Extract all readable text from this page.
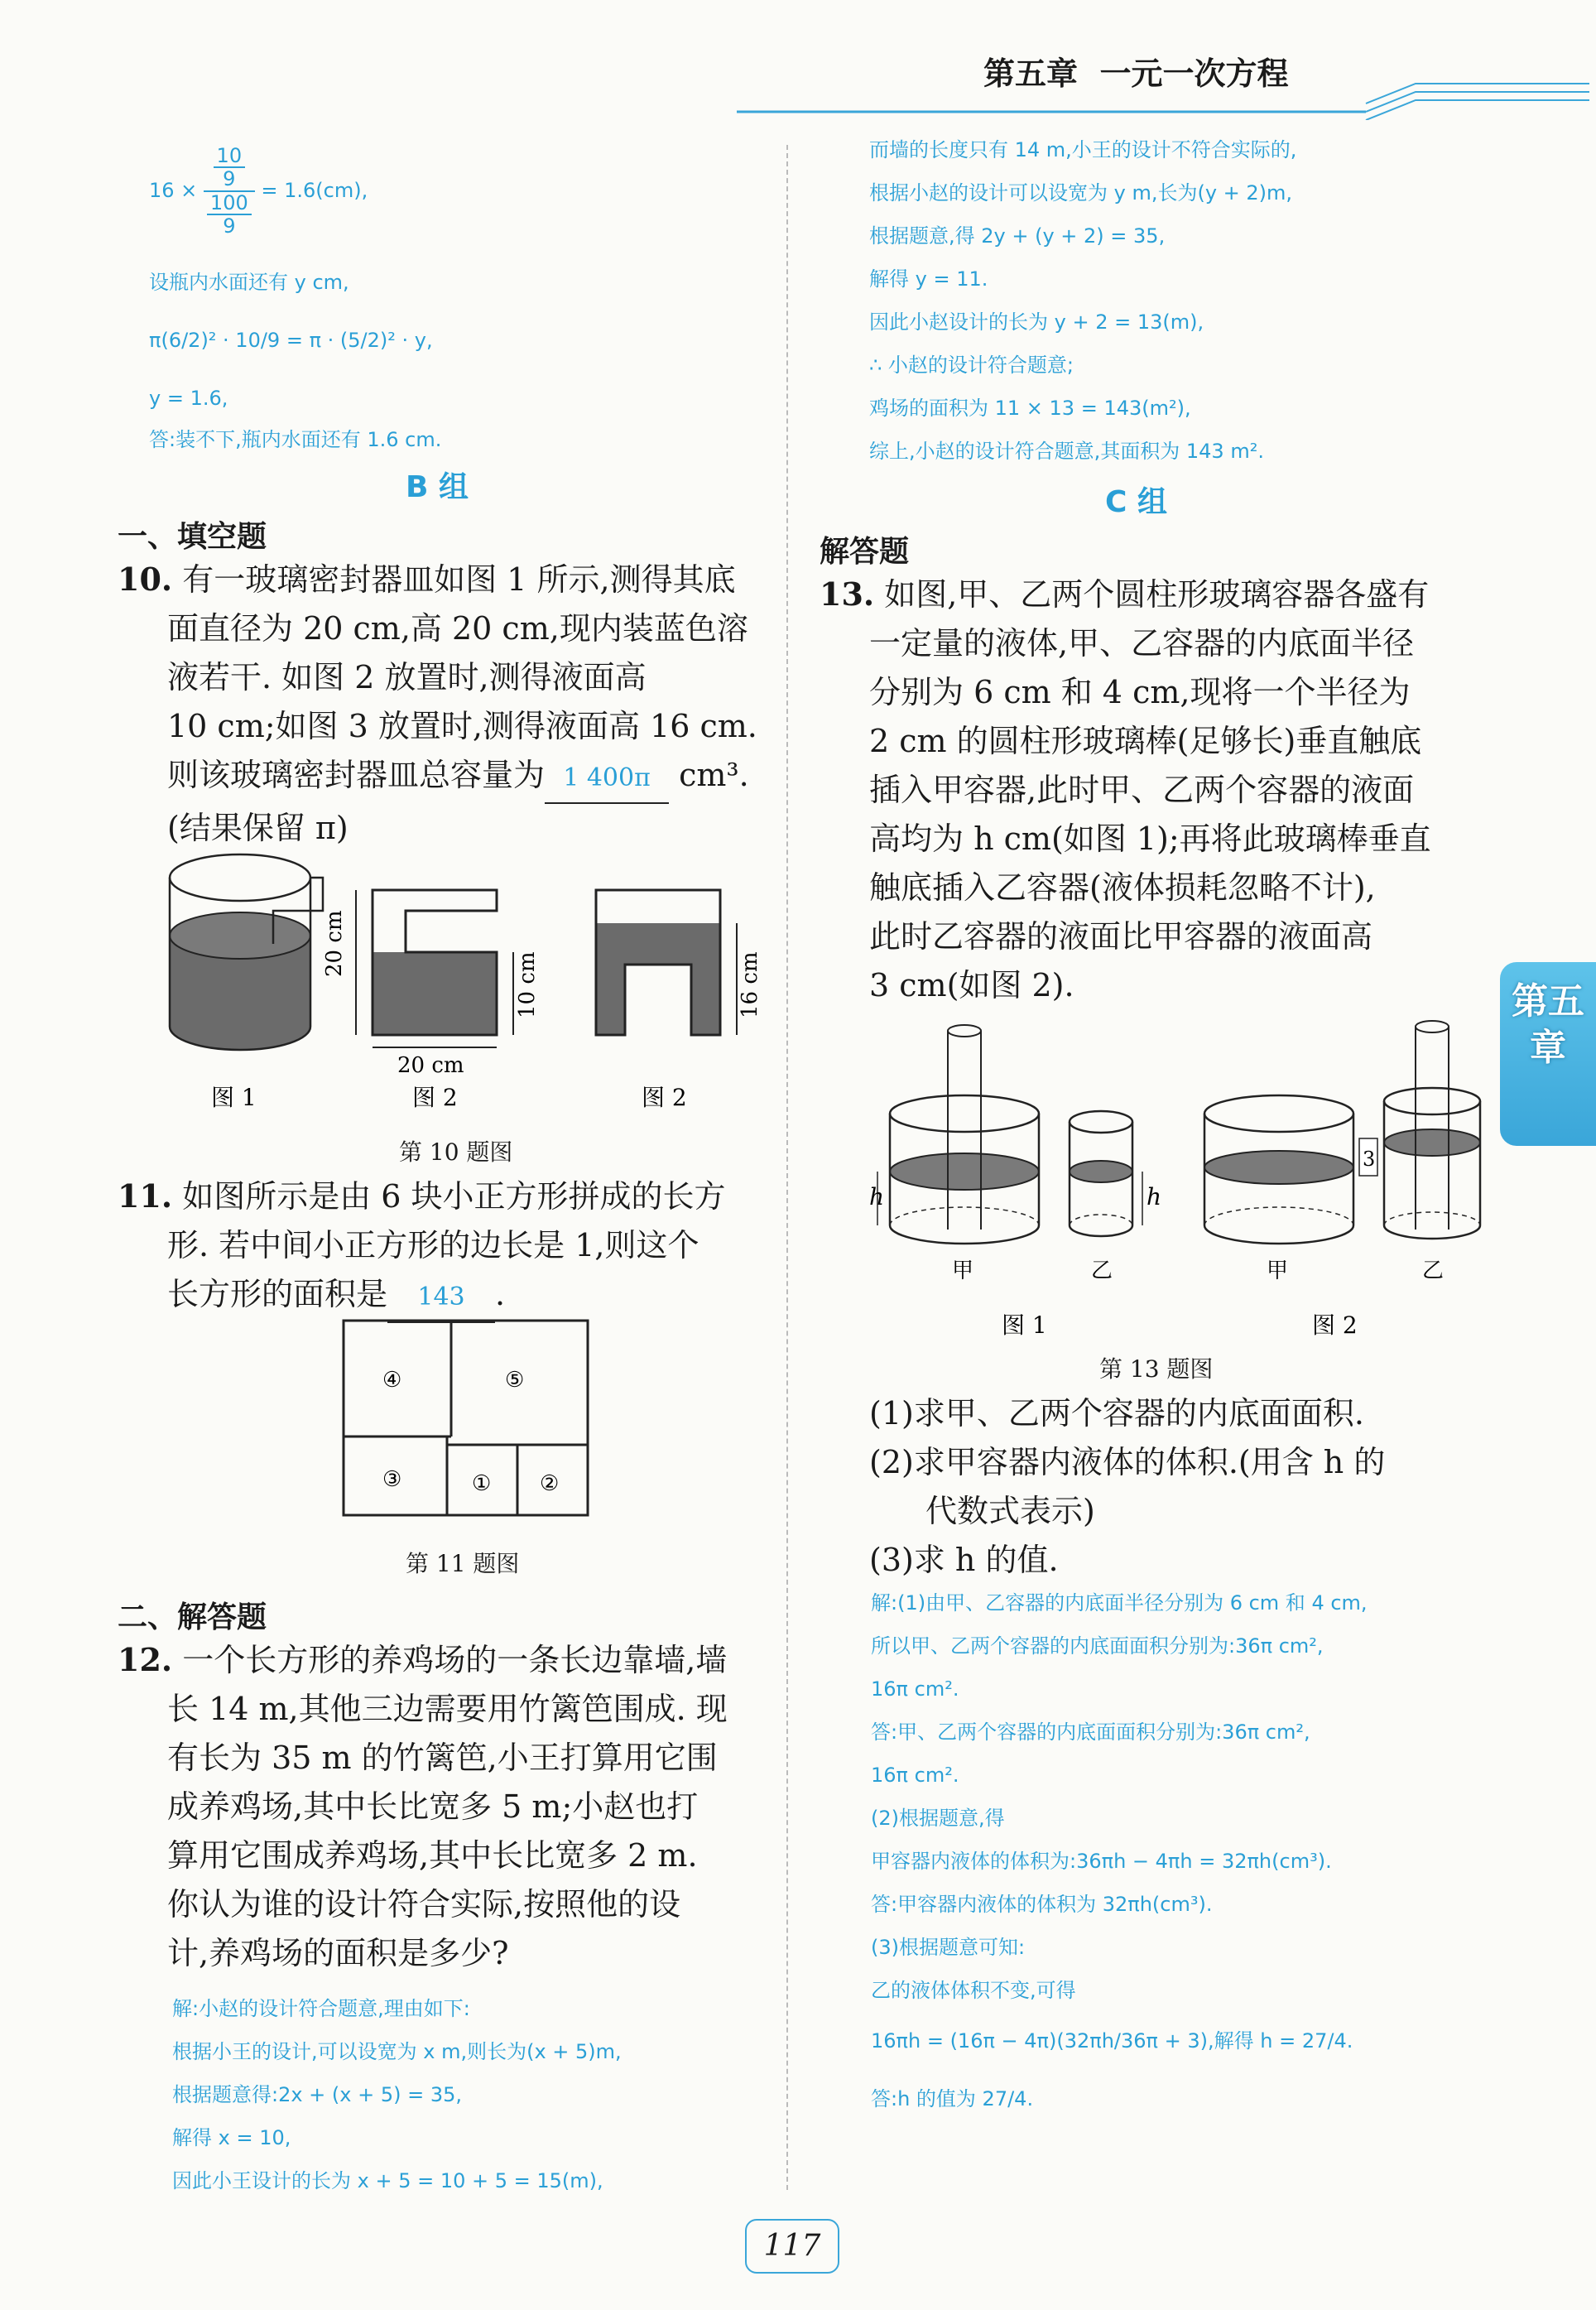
第五章 一元一次方程
$16 \times \frac{\frac{10}{9}}{\frac{100}{9}} = 1.6(cm)$,
设瓶内水面还有 y cm,
π(6/2)² · 10/9 = π · (5/2)² · y,
y = 1.6,
答:装不下,瓶内水面还有 1.6 cm.
B 组
一、填空题
10. 有一玻璃密封器皿如图 1 所示,测得其底
面直径为 20 cm,高 20 cm,现内装蓝色溶
液若干. 如图 2 放置时,测得液面高
10 cm;如图 3 放置时,测得液面高 16 cm.
则该玻璃密封器皿总容量为 1 400π cm³.
(结果保留 π)
20 cm
10 cm
20 cm
16 cm
图 1	图 2	图 2
第 10 题图
11. 如图所示是由 6 块小正方形拼成的长方
形. 若中间小正方形的边长是 1,则这个
长方形的面积是 143 .
④	⑤
③	① ②
第 11 题图
二、解答题
12. 一个长方形的养鸡场的一条长边靠墙,墙
长 14 m,其他三边需要用竹篱笆围成. 现
有长为 35 m 的竹篱笆,小王打算用它围
成养鸡场,其中长比宽多 5 m;小赵也打
算用它围成养鸡场,其中长比宽多 2 m.
你认为谁的设计符合实际,按照他的设
计,养鸡场的面积是多少?
解:小赵的设计符合题意,理由如下:
根据小王的设计,可以设宽为 x m,则长为(x + 5)m,
根据题意得:2x + (x + 5) = 35,
解得 x = 10,
因此小王设计的长为 x + 5 = 10 + 5 = 15(m),
而墙的长度只有 14 m,小王的设计不符合实际的,
根据小赵的设计可以设宽为 y m,长为(y + 2)m,
根据题意,得 2y + (y + 2) = 35,
解得 y = 11.
因此小赵设计的长为 y + 2 = 13(m),
∴ 小赵的设计符合题意;
鸡场的面积为 11 × 13 = 143(m²),
综上,小赵的设计符合题意,其面积为 143 m².
C 组
解答题
13. 如图,甲、乙两个圆柱形玻璃容器各盛有
一定量的液体,甲、乙容器的内底面半径
分别为 6 cm 和 4 cm,现将一个半径为
2 cm 的圆柱形玻璃棒(足够长)垂直触底
插入甲容器,此时甲、乙两个容器的液面
高均为 h cm(如图 1);再将此玻璃棒垂直
触底插入乙容器(液体损耗忽略不计),
此时乙容器的液面比甲容器的液面高
3 cm(如图 2).
h	h
3
甲	乙	甲	乙
图 1	图 2
第 13 题图
(1)求甲、乙两个容器的内底面面积.
(2)求甲容器内液体的体积.(用含 h 的
代数式表示)
(3)求 h 的值.
解:(1)由甲、乙容器的内底面半径分别为 6 cm 和 4 cm,
所以甲、乙两个容器的内底面面积分别为:36π cm²,
16π cm².
答:甲、乙两个容器的内底面面积分别为:36π cm²,
16π cm².
(2)根据题意,得
甲容器内液体的体积为:36πh − 4πh = 32πh(cm³).
答:甲容器内液体的体积为 32πh(cm³).
(3)根据题意可知:
乙的液体体积不变,可得
16πh = (16π − 4π)(32πh/36π + 3),解得 h = 27/4.
答:h 的值为 27/4.
第五章
117
